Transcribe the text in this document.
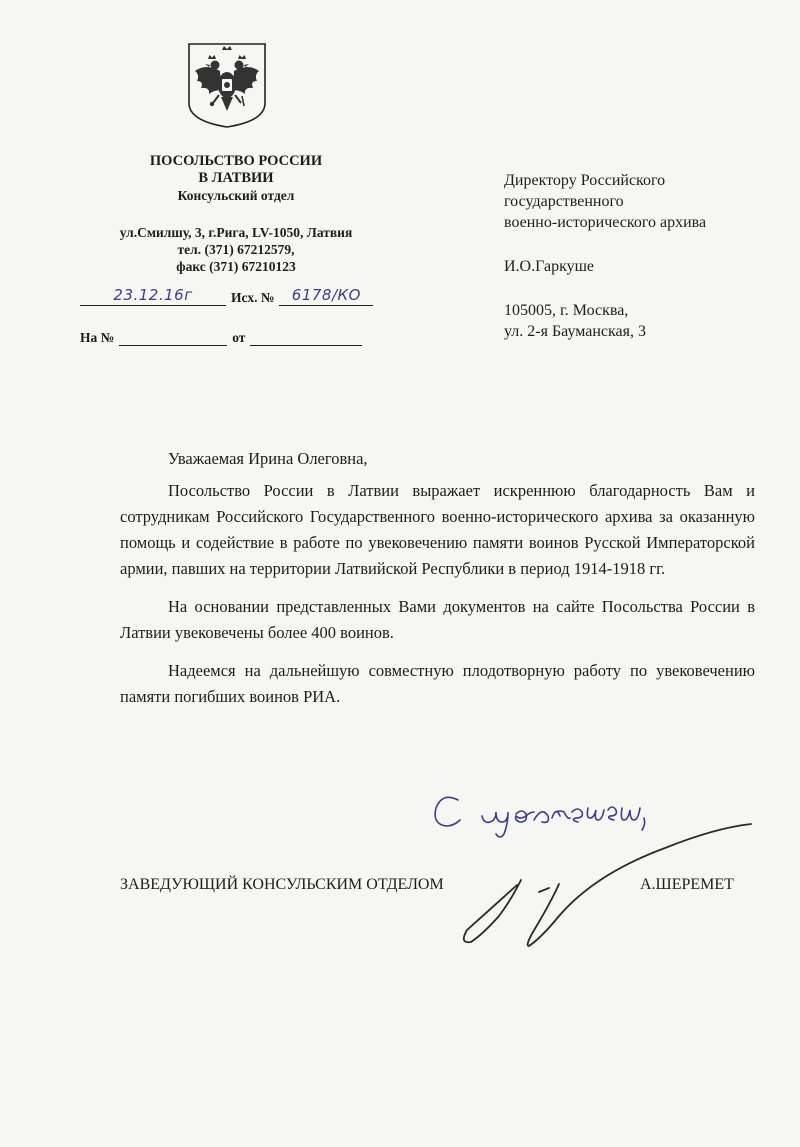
ПОСОЛЬСТВО РОССИИ
В ЛАТВИИ
Консульский отдел
ул.Смилшу, 3, г.Рига, LV-1050, Латвия
тел. (371) 67212579,
факс (371) 67210123
23.12.16г	Исх. №	6178/КО
На №	от

Директору Российского

государственного

военно-исторического архива

И.О.Гаркуше

105005, г. Москва,

ул. 2-я Бауманская, 3

Уважаемая Ирина Олеговна,

Посольство России в Латвии выражает искреннюю благодарность Вам и сотрудникам Российского Государственного военно-исторического архива за оказанную помощь и содействие в работе по увековечению памяти воинов Русской Императорской армии, павших на территории Латвийской Республики в период 1914-1918 гг.

На основании представленных Вами документов на сайте Посольства России в Латвии увековечены более 400 воинов.

Надеемся на дальнейшую совместную плодотворную работу по увековечению памяти погибших воинов РИА.

ЗАВЕДУЮЩИЙ КОНСУЛЬСКИМ ОТДЕЛОМ	А.ШЕРЕМЕТ
